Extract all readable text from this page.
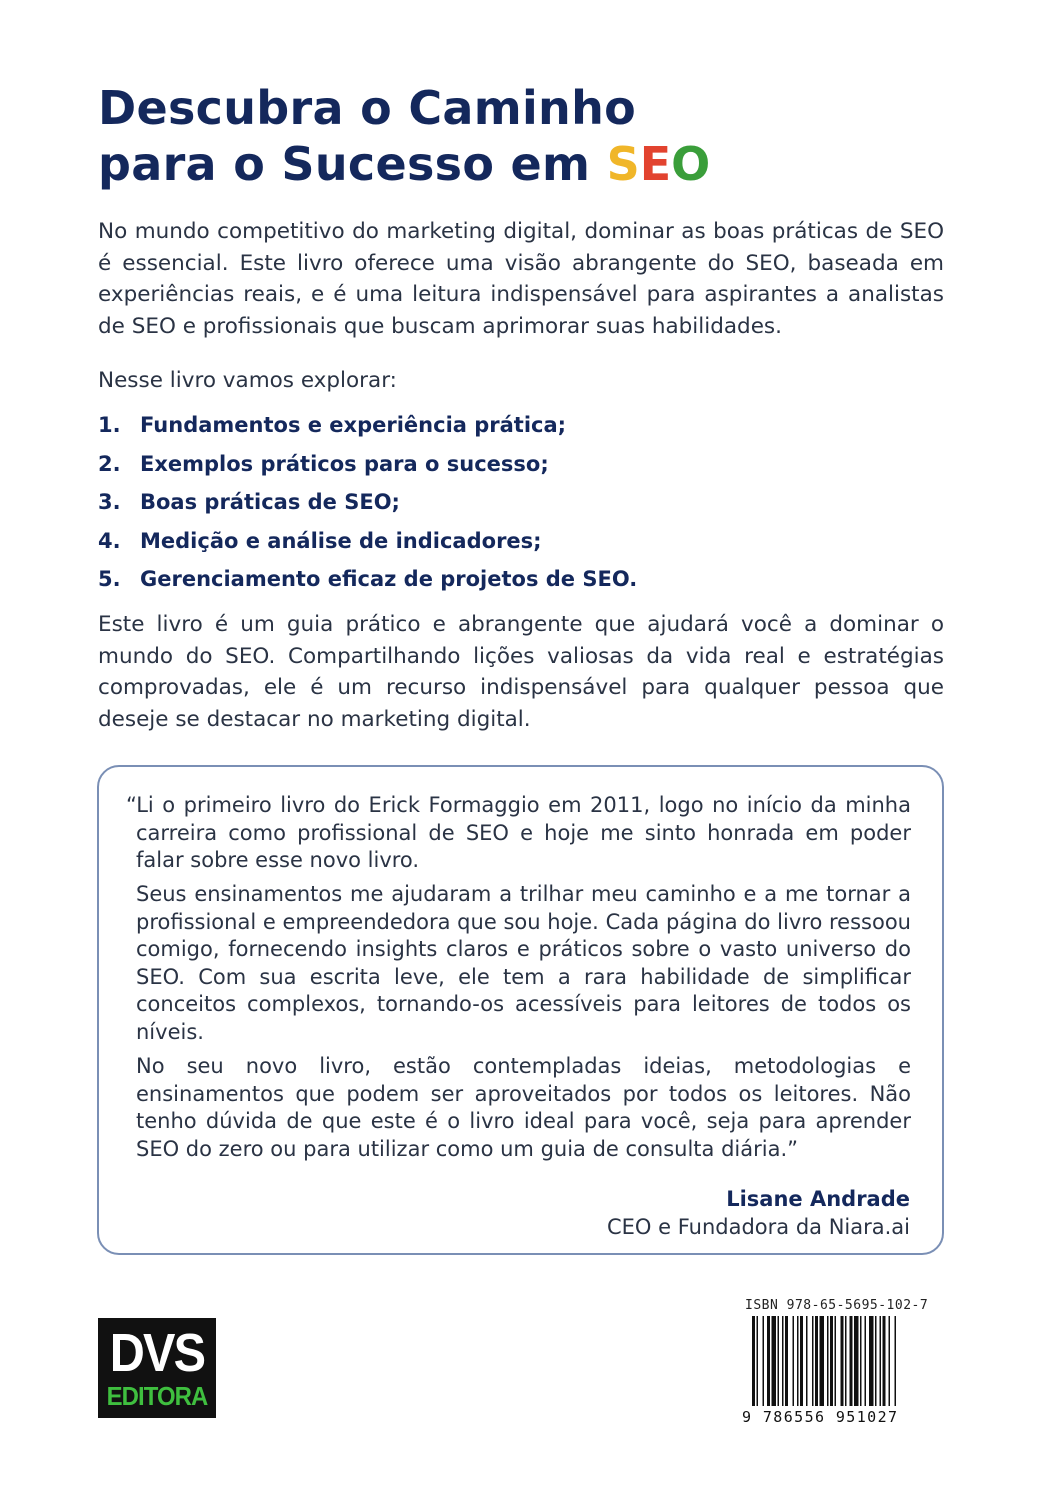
Descubra o Caminho
para o Sucesso em SEO

No mundo competitivo do marketing digital, dominar as boas práticas de SEO é essencial. Este livro oferece uma visão abrangente do SEO, baseada em experiências reais, e é uma leitura indispensável para aspirantes a analistas de SEO e profissionais que buscam aprimorar suas habilidades.

Nesse livro vamos explorar:

1. Fundamentos e experiência prática;
2. Exemplos práticos para o sucesso;
3. Boas práticas de SEO;
4. Medição e análise de indicadores;
5. Gerenciamento eficaz de projetos de SEO.

Este livro é um guia prático e abrangente que ajudará você a dominar o mundo do SEO. Compartilhando lições valiosas da vida real e estratégias comprovadas, ele é um recurso indispensável para qualquer pessoa que deseje se destacar no marketing digital.

“Li o primeiro livro do Erick Formaggio em 2011, logo no início da minha carreira como profissional de SEO e hoje me sinto honrada em poder falar sobre esse novo livro.

Seus ensinamentos me ajudaram a trilhar meu caminho e a me tornar a profissional e empreendedora que sou hoje. Cada página do livro ressoou comigo, fornecendo insights claros e práticos sobre o vasto universo do SEO. Com sua escrita leve, ele tem a rara habilidade de simplificar conceitos complexos, tornando-os acessíveis para leitores de todos os níveis.

No seu novo livro, estão contempladas ideias, metodologias e ensinamentos que podem ser aproveitados por todos os leitores. Não tenho dúvida de que este é o livro ideal para você, seja para aprender SEO do zero ou para utilizar como um guia de consulta diária.”

Lisane Andrade

CEO e Fundadora da Niara.ai

DVS
EDITORA

ISBN 978-65-5695-102-7

9 786556 951027
